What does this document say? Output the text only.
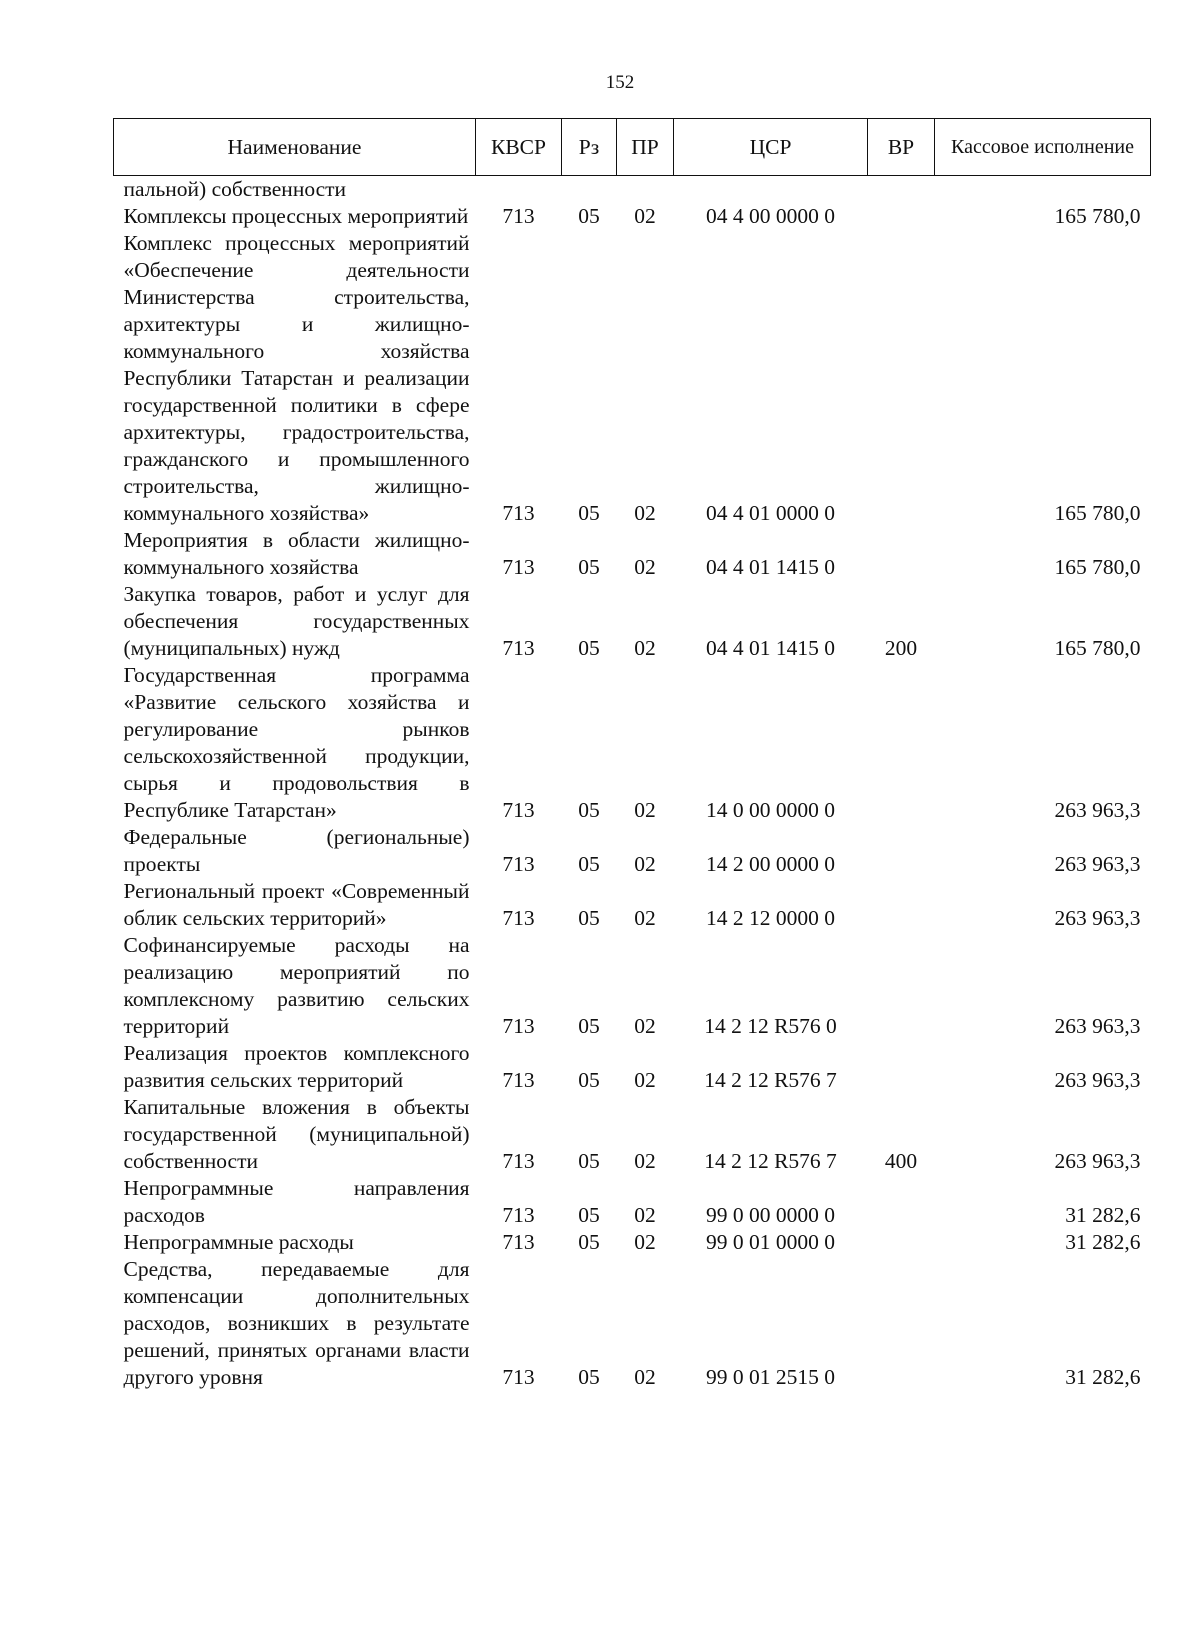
152
Наименование	КВСР	Рз	ПР	ЦСР	ВР	Кассовое исполнение
пальной) собственности						
Комплексы процессных мероприятий	713	05	02	04 4 00 0000 0		165 780,0
Комплекс процессных мероприятий «Обеспечение деятельности Министерства строительства, архитектуры и жилищно-коммунального хозяйства Республики Татарстан и реализации государственной политики в сфере архитектуры, градостроительства, гражданского и промышленного строительства, жилищно-коммунального хозяйства»	713	05	02	04 4 01 0000 0		165 780,0
Мероприятия в области жилищно-коммунального хозяйства	713	05	02	04 4 01 1415 0		165 780,0
Закупка товаров, работ и услуг для обеспечения государственных (муниципальных) нужд	713	05	02	04 4 01 1415 0	200	165 780,0
Государственная программа «Развитие сельского хозяйства и регулирование рынков сельскохозяйственной продукции, сырья и продовольствия в Республике Татарстан»	713	05	02	14 0 00 0000 0		263 963,3
Федеральные (региональные) проекты	713	05	02	14 2 00 0000 0		263 963,3
Региональный проект «Современный облик сельских территорий»	713	05	02	14 2 12 0000 0		263 963,3
Софинансируемые расходы на реализацию мероприятий по комплексному развитию сельских территорий	713	05	02	14 2 12 R576 0		263 963,3
Реализация проектов комплексного развития сельских территорий	713	05	02	14 2 12 R576 7		263 963,3
Капитальные вложения в объекты государственной (муниципальной) собственности	713	05	02	14 2 12 R576 7	400	263 963,3
Непрограммные направления расходов	713	05	02	99 0 00 0000 0		31 282,6
Непрограммные расходы	713	05	02	99 0 01 0000 0		31 282,6
Средства, передаваемые для компенсации дополнительных расходов, возникших в результате решений, принятых органами власти другого уровня	713	05	02	99 0 01 2515 0		31 282,6
